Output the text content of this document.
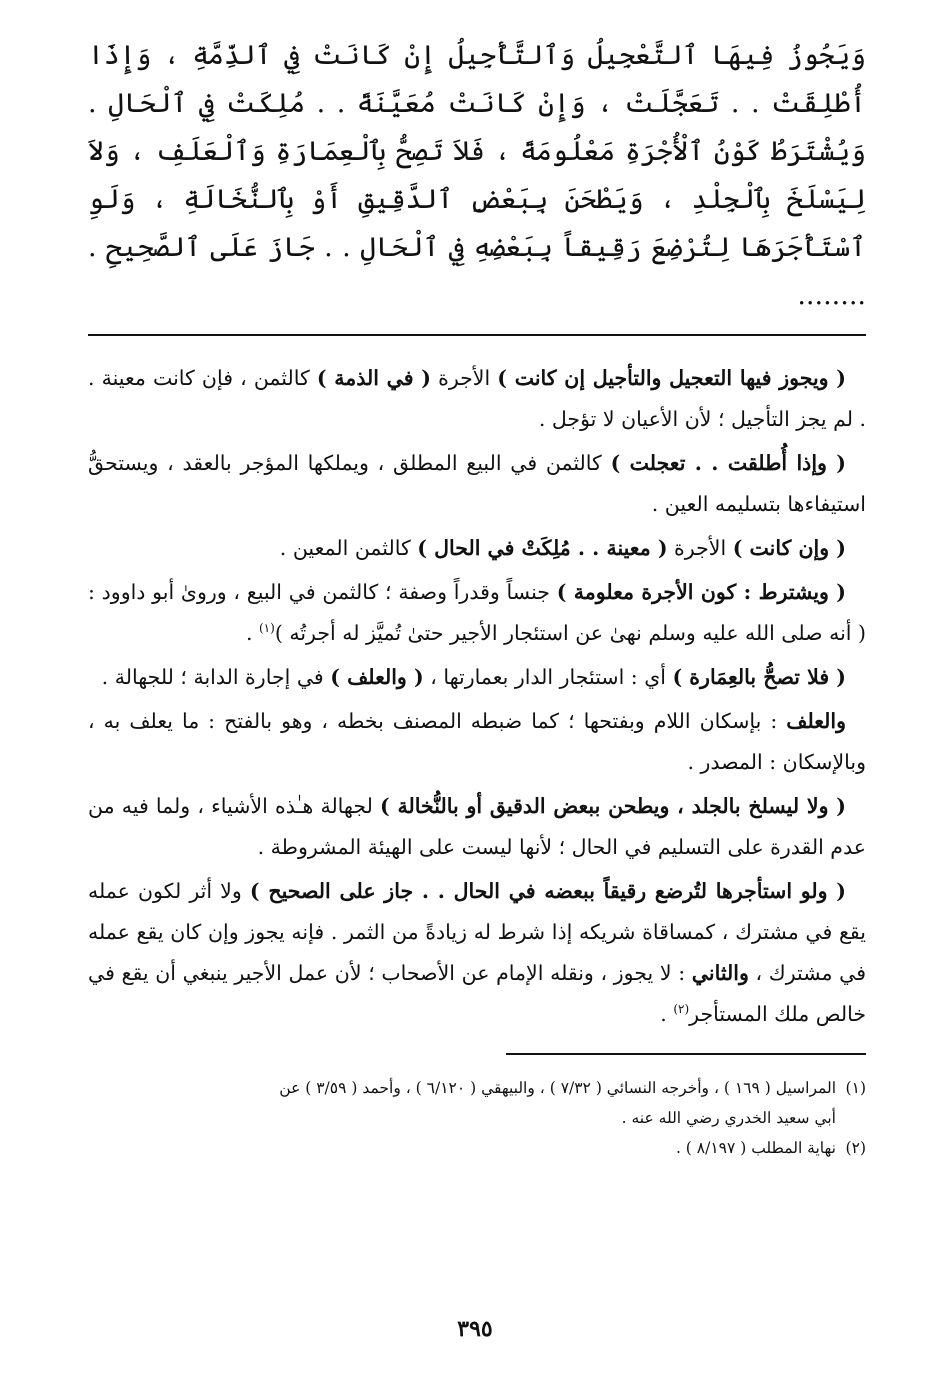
وَيَجُوزُ فِيهَا ٱلتَّعْجِيلُ وَٱلتَّأْجِيلُ إِنْ كَانَتْ فِي ٱلذِّمَّةِ ، وَإِذَا أُطْلِقَتْ . . تَعَجَّلَتْ ، وَإِنْ كَانَتْ مُعَيَّنَةً . . مُلِكَتْ فِي ٱلْحَالِ . وَيُشْتَرَطُ كَوْنُ ٱلْأُجْرَةِ مَعْلُومَةً ، فَلاَ تَصِحُّ بِٱلْعِمَارَةِ وَٱلْعَلَفِ ، وَلاَ لِيَسْلَخَ بِٱلْجِلْدِ ، وَيَطْحَنَ بِبَعْضِ ٱلدَّقِيقِ أَوْ بِٱلنُّخَالَةِ ، وَلَوِ ٱسْتَأْجَرَهَا لِتُرْضِعَ رَقِيقاً بِبَعْضِهِ فِي ٱلْحَالِ . . جَازَ عَلَى ٱلصَّحِيحِ . ........

( ويجوز فيها التعجيل والتأجيل إن كانت ) الأجرة ( في الذمة ) كالثمن ، فإن كانت معينة . . لم يجز التأجيل ؛ لأن الأعيان لا تؤجل .

( وإذا أُطلقت . . تعجلت ) كالثمن في البيع المطلق ، ويملكها المؤجر بالعقد ، ويستحقُّ استيفاءها بتسليمه العين .

( وإن كانت ) الأجرة ( معينة . . مُلِكَتْ في الحال ) كالثمن المعين .

( ويشترط : كون الأجرة معلومة ) جنساً وقدراً وصفة ؛ كالثمن في البيع ، وروىٰ أبو داوود : ( أنه صلى الله عليه وسلم نهىٰ عن استئجار الأجير حتىٰ تُميَّز له أجرتُه )$^{(١)}$ .

( فلا تصحُّ بالعِمَارة ) أي : استئجار الدار بعمارتها ، ( والعلف ) في إجارة الدابة ؛ للجهالة .

والعلف : بإسكان اللام وبفتحها ؛ كما ضبطه المصنف بخطه ، وهو بالفتح : ما يعلف به ، وبالإسكان : المصدر .

( ولا ليسلخ بالجلد ، ويطحن ببعض الدقيق أو بالنُّخالة ) لجهالة هـٰذه الأشياء ، ولما فيه من عدم القدرة على التسليم في الحال ؛ لأنها ليست على الهيئة المشروطة .

( ولو استأجرها لتُرضع رقيقاً ببعضه في الحال . . جاز على الصحيح ) ولا أثر لكون عمله يقع في مشترك ، كمساقاة شريكه إذا شرط له زيادةً من الثمر . فإنه يجوز وإن كان يقع عمله في مشترك ، والثاني : لا يجوز ، ونقله الإمام عن الأصحاب ؛ لأن عمل الأجير ينبغي أن يقع في خالص ملك المستأجر$^{(٢)}$ .

(١)المراسيل ( ١٦٩ ) ، وأخرجه النسائي ( ٧/٣٢ ) ، والبيهقي ( ٦/١٢٠ ) ، وأحمد ( ٣/٥٩ ) عن

أبي سعيد الخدري رضي الله عنه .

(٢)نهاية المطلب ( ٨/١٩٧ ) .

٣٩٥
